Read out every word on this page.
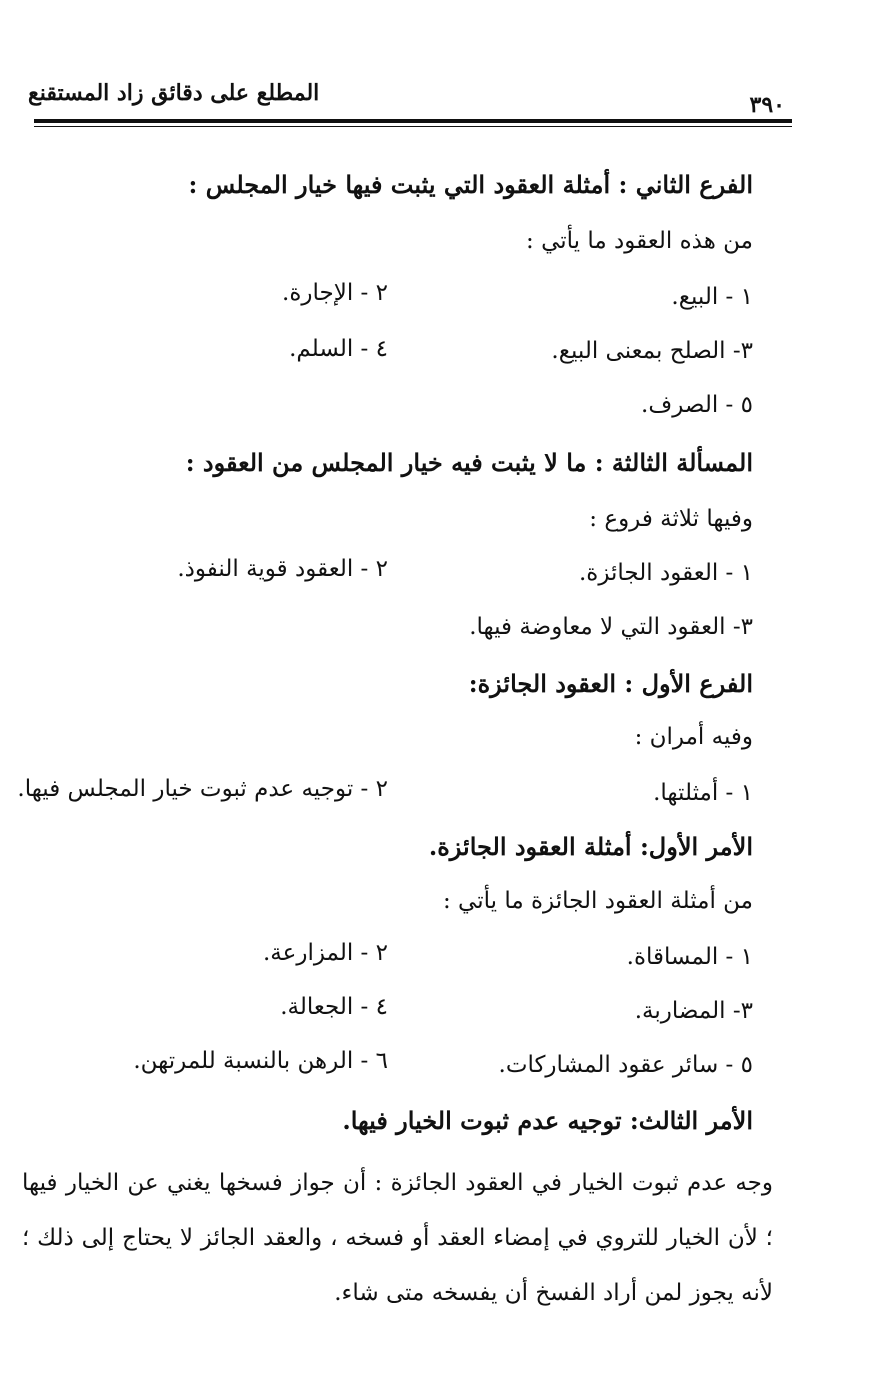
المطلع على دقائق زاد المستقنع	٣٩٠
الفرع الثاني : أمثلة العقود التي يثبت فيها خيار المجلس :
من هذه العقود ما يأتي :
١ - البيع.
٢ - الإجارة.
٣- الصلح بمعنى البيع.
٤ - السلم.
٥ - الصرف.
المسألة الثالثة : ما لا يثبت فيه خيار المجلس من العقود :
وفيها ثلاثة فروع :
١ - العقود الجائزة.
٢ - العقود قوية النفوذ.
٣- العقود التي لا معاوضة فيها.
الفرع الأول : العقود الجائزة:
وفيه أمران :
١ - أمثلتها.
٢ - توجيه عدم ثبوت خيار المجلس فيها.
الأمر الأول: أمثلة العقود الجائزة.
من أمثلة العقود الجائزة ما يأتي :
١ - المساقاة.
٢ - المزارعة.
٣- المضاربة.
٤ - الجعالة.
٥ - سائر عقود المشاركات.
٦ - الرهن بالنسبة للمرتهن.
الأمر الثالث: توجيه عدم ثبوت الخيار فيها.
وجه عدم ثبوت الخيار في العقود الجائزة : أن جواز فسخها يغني عن الخيار فيها ؛ لأن الخيار للتروي في إمضاء العقد أو فسخه ، والعقد الجائز لا يحتاج إلى ذلك ؛ لأنه يجوز لمن أراد الفسخ أن يفسخه متى شاء.
